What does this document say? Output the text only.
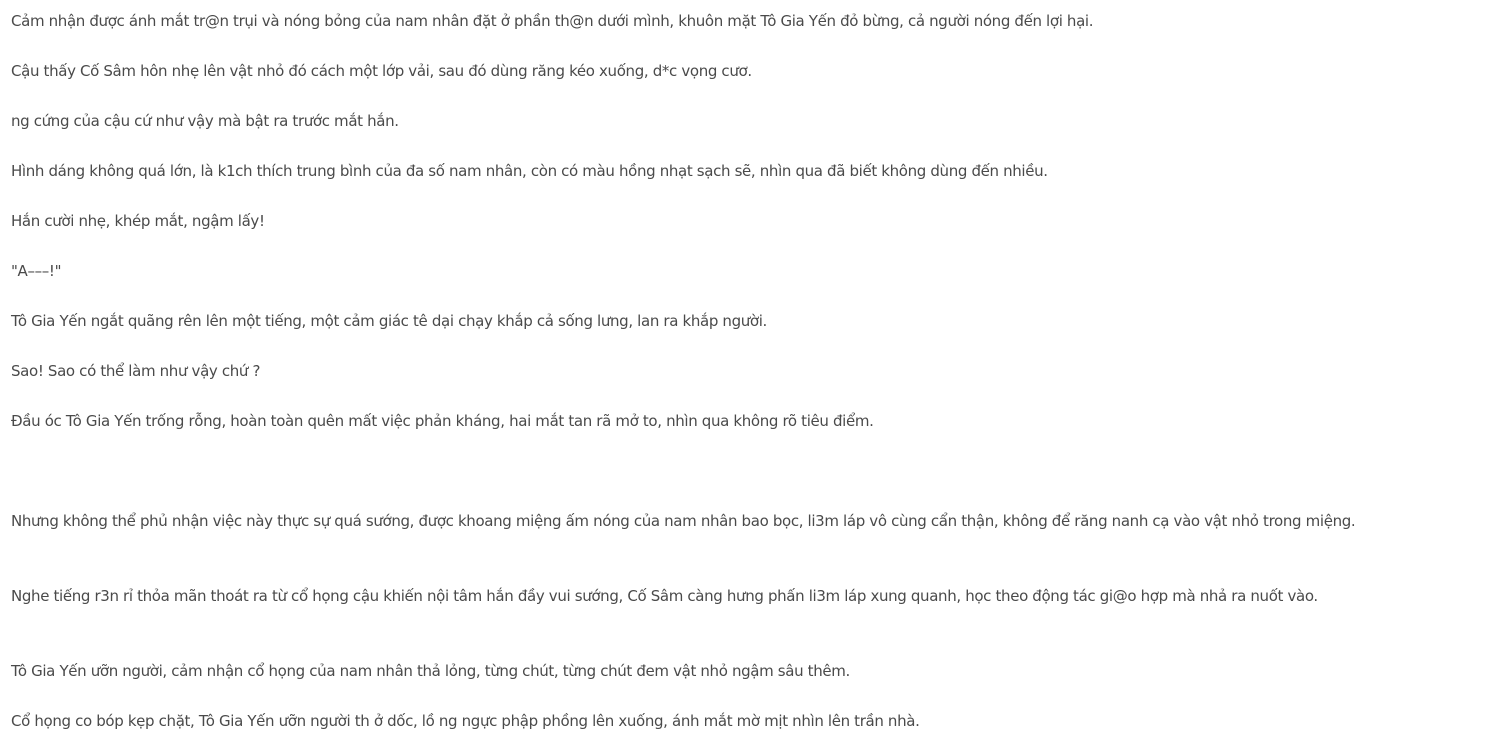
Cảm nhận được ánh mắt tr@n trụi và nóng bỏng của nam nhân đặt ở phần th@n dưới mình, khuôn mặt Tô Gia Yến đỏ bừng, cả người nóng đến lợi hại.

Cậu thấy Cố Sâm hôn nhẹ lên vật nhỏ đó cách một lớp vải, sau đó dùng răng kéo xuống, d*c vọng cươ.

ng cứng của cậu cứ như vậy mà bật ra trước mắt hắn.

Hình dáng không quá lớn, là k1ch thích trung bình của đa số nam nhân, còn có màu hồng nhạt sạch sẽ, nhìn qua đã biết không dùng đến nhiều.

Hắn cười nhẹ, khép mắt, ngậm lấy!

"A–––!"

Tô Gia Yến ngắt quãng rên lên một tiếng, một cảm giác tê dại chạy khắp cả sống lưng, lan ra khắp người.

Sao! Sao có thể làm như vậy chứ ?

Đầu óc Tô Gia Yến trống rỗng, hoàn toàn quên mất việc phản kháng, hai mắt tan rã mở to, nhìn qua không rõ tiêu điểm.

Nhưng không thể phủ nhận việc này thực sự quá sướng, được khoang miệng ấm nóng của nam nhân bao bọc, li3m láp vô cùng cẩn thận, không để răng nanh cạ vào vật nhỏ trong miệng.

Nghe tiếng r3n rỉ thỏa mãn thoát ra từ cổ họng cậu khiến nội tâm hắn đầy vui sướng, Cố Sâm càng hưng phấn li3m láp xung quanh, học theo động tác gi@o hợp mà nhả ra nuốt vào.

Tô Gia Yến ưỡn người, cảm nhận cổ họng của nam nhân thả lỏng, từng chút, từng chút đem vật nhỏ ngậm sâu thêm.

Cổ họng co bóp kẹp chặt, Tô Gia Yến ưỡn người th ở dốc, lồ ng ngực phập phồng lên xuống, ánh mắt mờ mịt nhìn lên trần nhà.
